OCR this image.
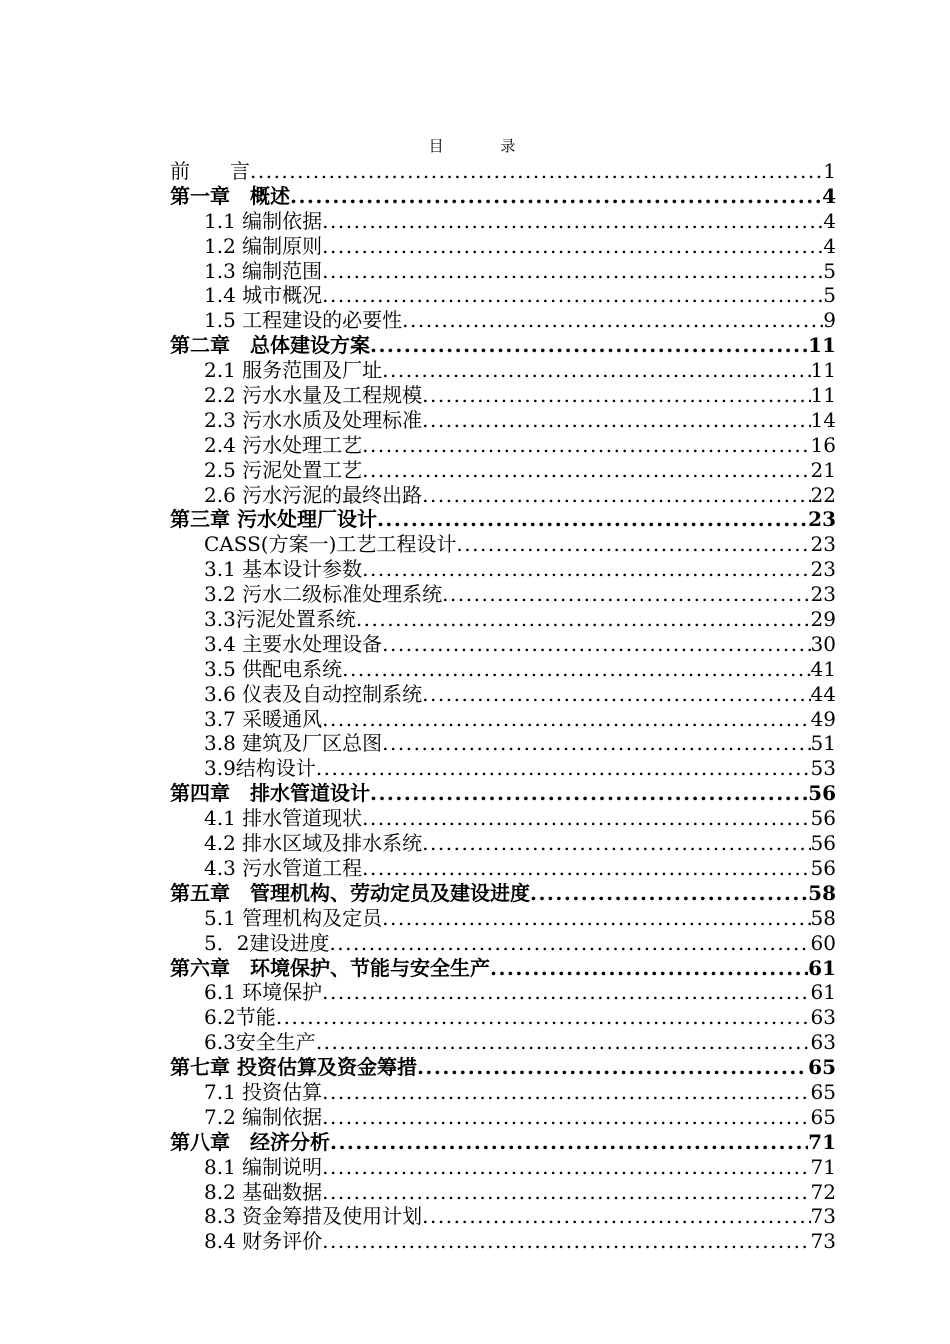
目 录
前　　言 .....	1
第一章　概述 .....	4
1.1 编制依据 .....	4
1.2 编制原则 .....	4
1.3 编制范围 .....	5
1.4 城市概况 .....	5
1.5 工程建设的必要性 .....	9
第二章　总体建设方案 .....	11
2.1 服务范围及厂址 .....	11
2.2 污水水量及工程规模 .....	11
2.3 污水水质及处理标准 .....	14
2.4 污水处理工艺 .....	16
2.5 污泥处置工艺 .....	21
2.6 污水污泥的最终出路 .....	22
第三章 污水处理厂设计 .....	23
CASS(方案一)工艺工程设计 .....	23
3.1 基本设计参数 .....	23
3.2 污水二级标准处理系统 .....	23
3.3污泥处置系统 .....	29
3.4 主要水处理设备 .....	30
3.5 供配电系统 .....	41
3.6 仪表及自动控制系统 .....	44
3.7 采暖通风 .....	49
3.8 建筑及厂区总图 .....	51
3.9结构设计 .....	53
第四章　排水管道设计 .....	56
4.1 排水管道现状 .....	56
4.2 排水区域及排水系统 .....	56
4.3 污水管道工程 .....	56
第五章　管理机构、劳动定员及建设进度 .....	58
5.1 管理机构及定员 .....	58
5．2建设进度 .....	60
第六章　环境保护、节能与安全生产 .....	61
6.1 环境保护 .....	61
6.2节能 .....	63
6.3安全生产 .....	63
第七章 投资估算及资金筹措 .....	65
7.1 投资估算 .....	65
7.2 编制依据 .....	65
第八章　经济分析 .....	71
8.1 编制说明 .....	71
8.2 基础数据 .....	72
8.3 资金筹措及使用计划 .....	73
8.4 财务评价 .....	73
